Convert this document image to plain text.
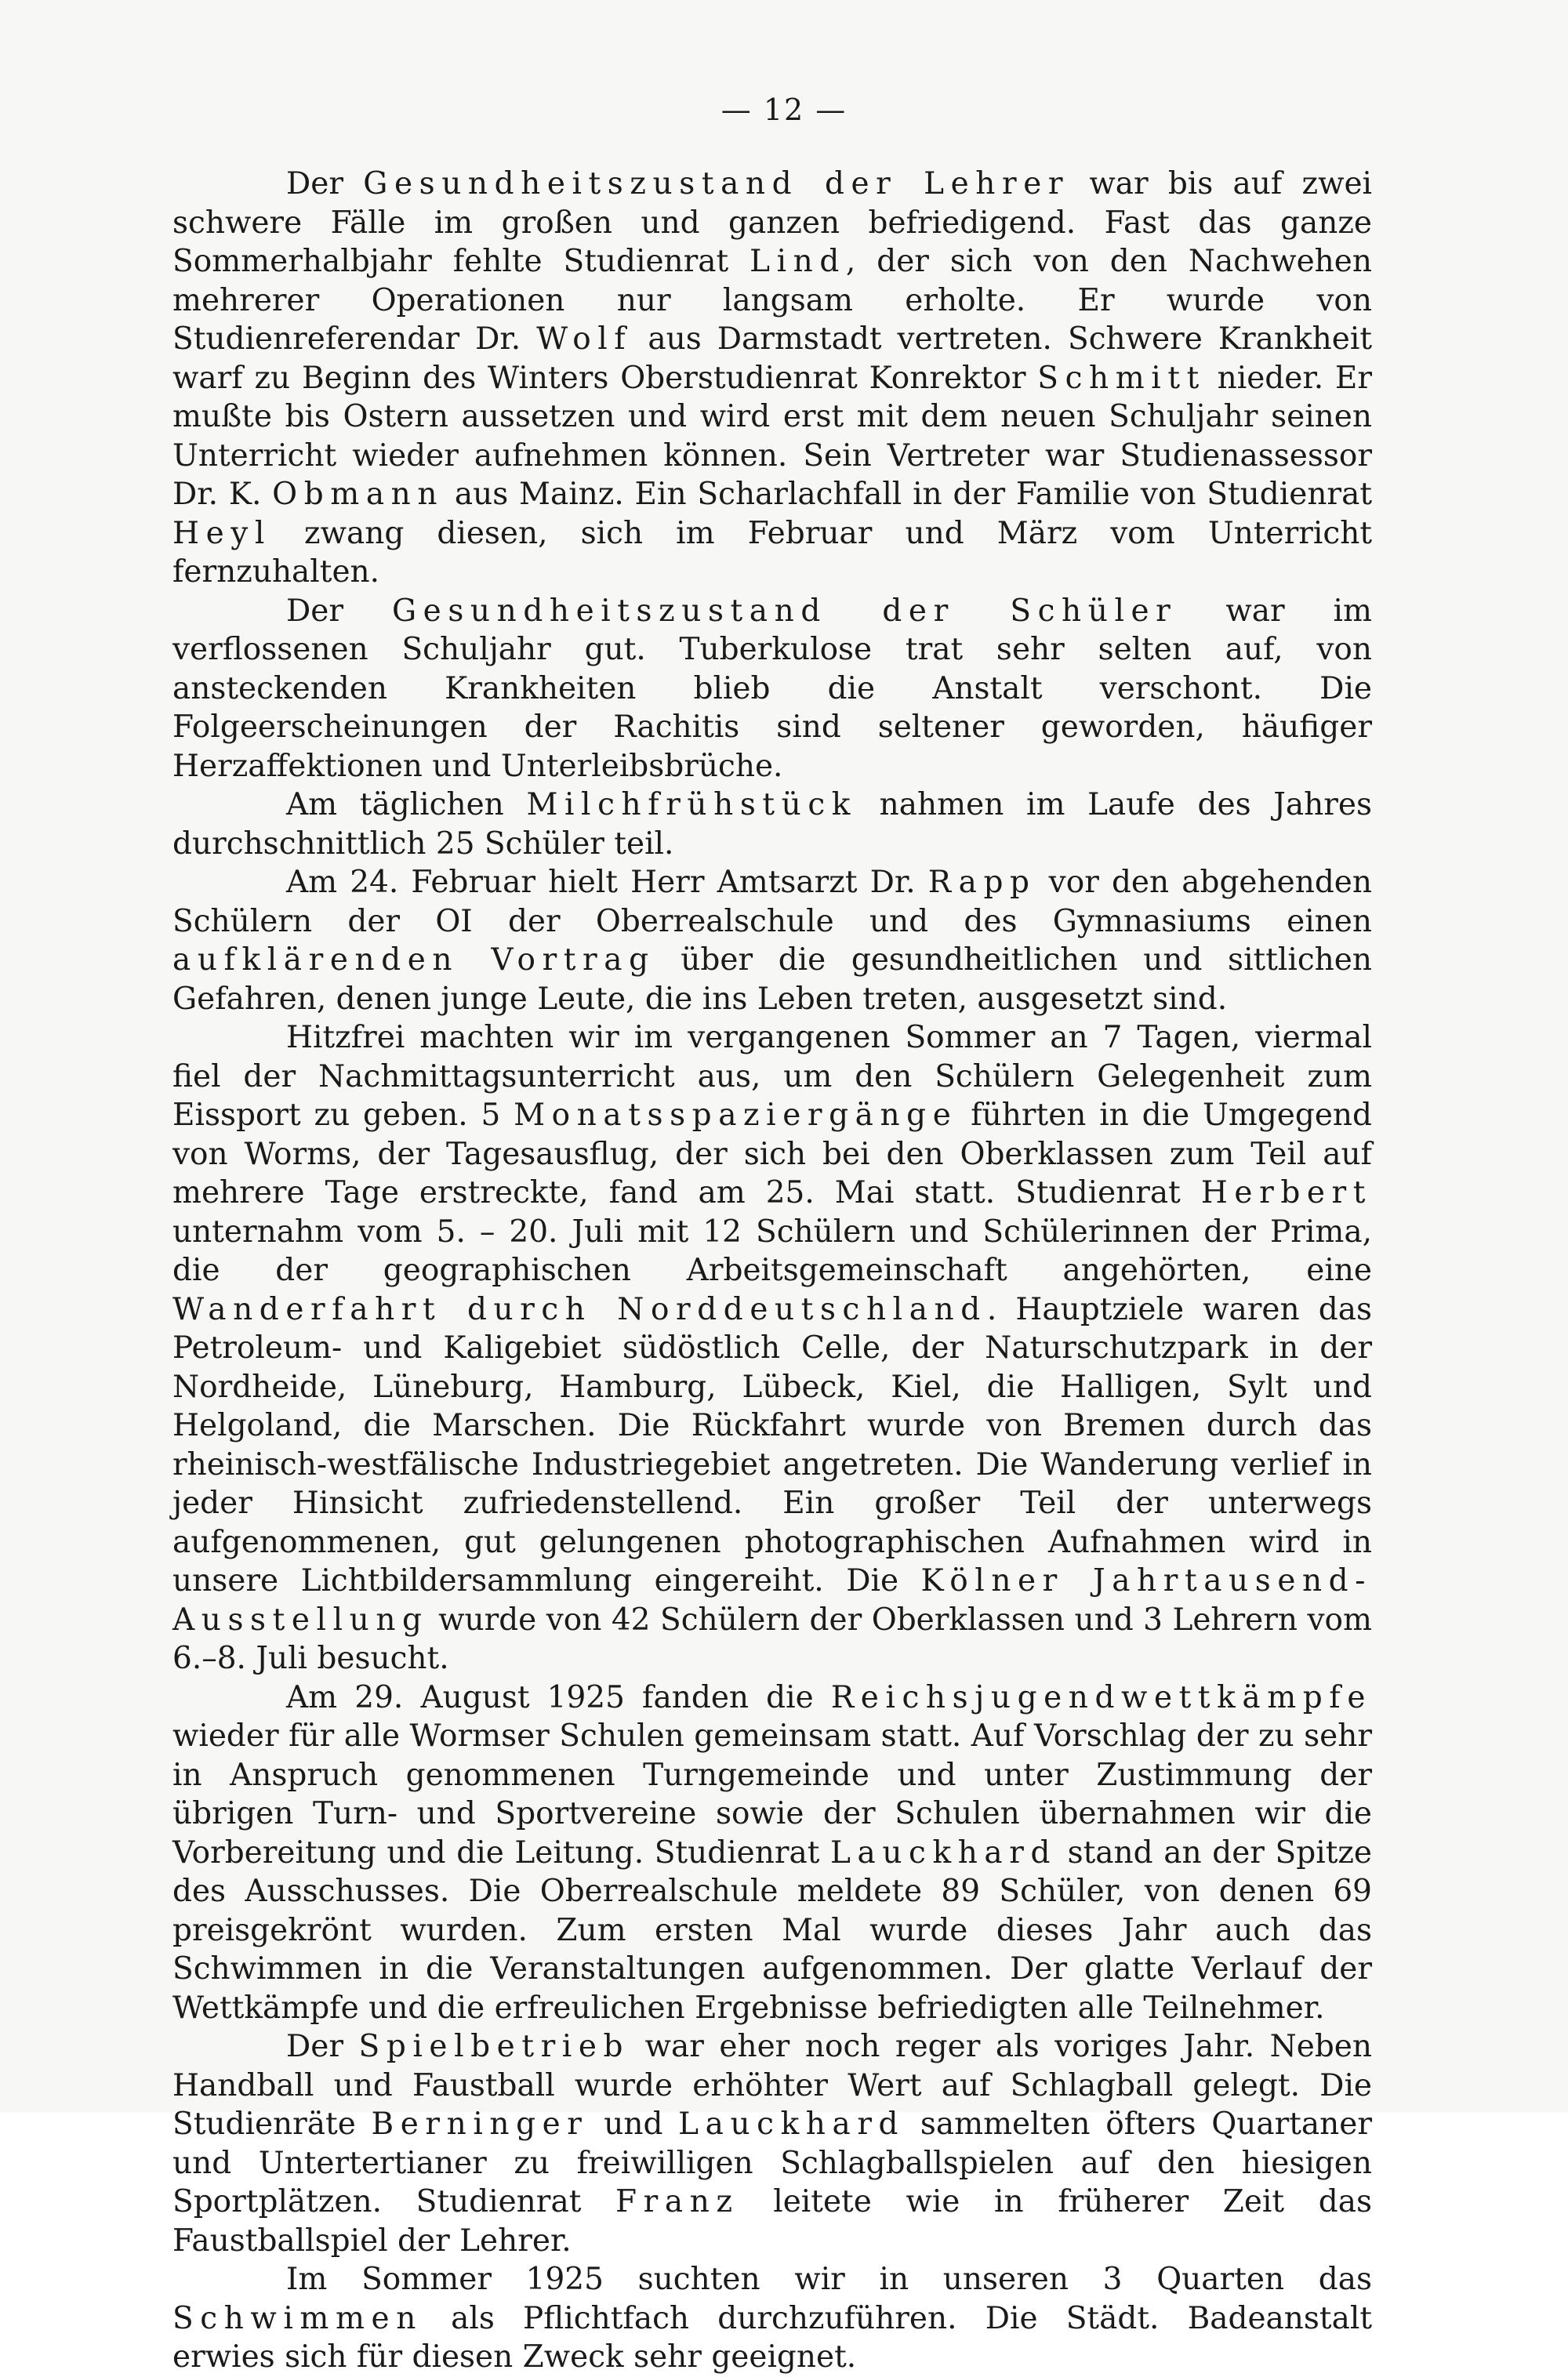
— 12 —

Der Gesundheitszustand der Lehrer war bis auf zwei schwere Fälle im großen und ganzen befriedigend. Fast das ganze Sommerhalbjahr fehlte Studienrat Lind, der sich von den Nachwehen mehrerer Operationen nur langsam erholte. Er wurde von Studienreferendar Dr. Wolf aus Darmstadt vertreten. Schwere Krankheit warf zu Beginn des Winters Oberstudienrat Konrektor Schmitt nieder. Er mußte bis Ostern aussetzen und wird erst mit dem neuen Schuljahr seinen Unterricht wieder aufnehmen können. Sein Vertreter war Studienassessor Dr. K. Obmann aus Mainz. Ein Scharlachfall in der Familie von Studienrat Heyl zwang diesen, sich im Februar und März vom Unterricht fernzuhalten.

Der Gesundheitszustand der Schüler war im verflossenen Schuljahr gut. Tuberkulose trat sehr selten auf, von ansteckenden Krankheiten blieb die Anstalt verschont. Die Folgeerscheinungen der Rachitis sind seltener geworden, häufiger Herzaffektionen und Unterleibsbrüche.

Am täglichen Milchfrühstück nahmen im Laufe des Jahres durchschnittlich 25 Schüler teil.

Am 24. Februar hielt Herr Amtsarzt Dr. Rapp vor den abgehenden Schülern der OI der Oberrealschule und des Gymnasiums einen aufklärenden Vortrag über die gesundheitlichen und sittlichen Gefahren, denen junge Leute, die ins Leben treten, ausgesetzt sind.

Hitzfrei machten wir im vergangenen Sommer an 7 Tagen, viermal fiel der Nachmittagsunterricht aus, um den Schülern Gelegenheit zum Eissport zu geben. 5 Monatsspaziergänge führten in die Umgegend von Worms, der Tagesausflug, der sich bei den Oberklassen zum Teil auf mehrere Tage erstreckte, fand am 25. Mai statt. Studienrat Herbert unternahm vom 5. – 20. Juli mit 12 Schülern und Schülerinnen der Prima, die der geographischen Arbeitsgemeinschaft angehörten, eine Wanderfahrt durch Norddeutschland. Hauptziele waren das Petroleum- und Kaligebiet südöstlich Celle, der Naturschutzpark in der Nordheide, Lüneburg, Hamburg, Lübeck, Kiel, die Halligen, Sylt und Helgoland, die Marschen. Die Rückfahrt wurde von Bremen durch das rheinisch-westfälische Industriegebiet angetreten. Die Wanderung verlief in jeder Hinsicht zufriedenstellend. Ein großer Teil der unterwegs aufgenommenen, gut gelungenen photographischen Aufnahmen wird in unsere Lichtbildersammlung eingereiht. Die Kölner Jahrtausend-Ausstellung wurde von 42 Schülern der Oberklassen und 3 Lehrern vom 6.–8. Juli besucht.

Am 29. August 1925 fanden die Reichsjugendwettkämpfe wieder für alle Wormser Schulen gemeinsam statt. Auf Vorschlag der zu sehr in Anspruch genommenen Turngemeinde und unter Zustimmung der übrigen Turn- und Sportvereine sowie der Schulen übernahmen wir die Vorbereitung und die Leitung. Studienrat Lauckhard stand an der Spitze des Ausschusses. Die Oberrealschule meldete 89 Schüler, von denen 69 preisgekrönt wurden. Zum ersten Mal wurde dieses Jahr auch das Schwimmen in die Veranstaltungen aufgenommen. Der glatte Verlauf der Wettkämpfe und die erfreulichen Ergebnisse befriedigten alle Teilnehmer.

Der Spielbetrieb war eher noch reger als voriges Jahr. Neben Handball und Faustball wurde erhöhter Wert auf Schlagball gelegt. Die Studienräte Berninger und Lauckhard sammelten öfters Quartaner und Untertertianer zu freiwilligen Schlagballspielen auf den hiesigen Sportplätzen. Studienrat Franz leitete wie in früherer Zeit das Faustballspiel der Lehrer.

Im Sommer 1925 suchten wir in unseren 3 Quarten das Schwimmen als Pflichtfach durchzuführen. Die Städt. Badeanstalt erwies sich für diesen Zweck sehr geeignet.
